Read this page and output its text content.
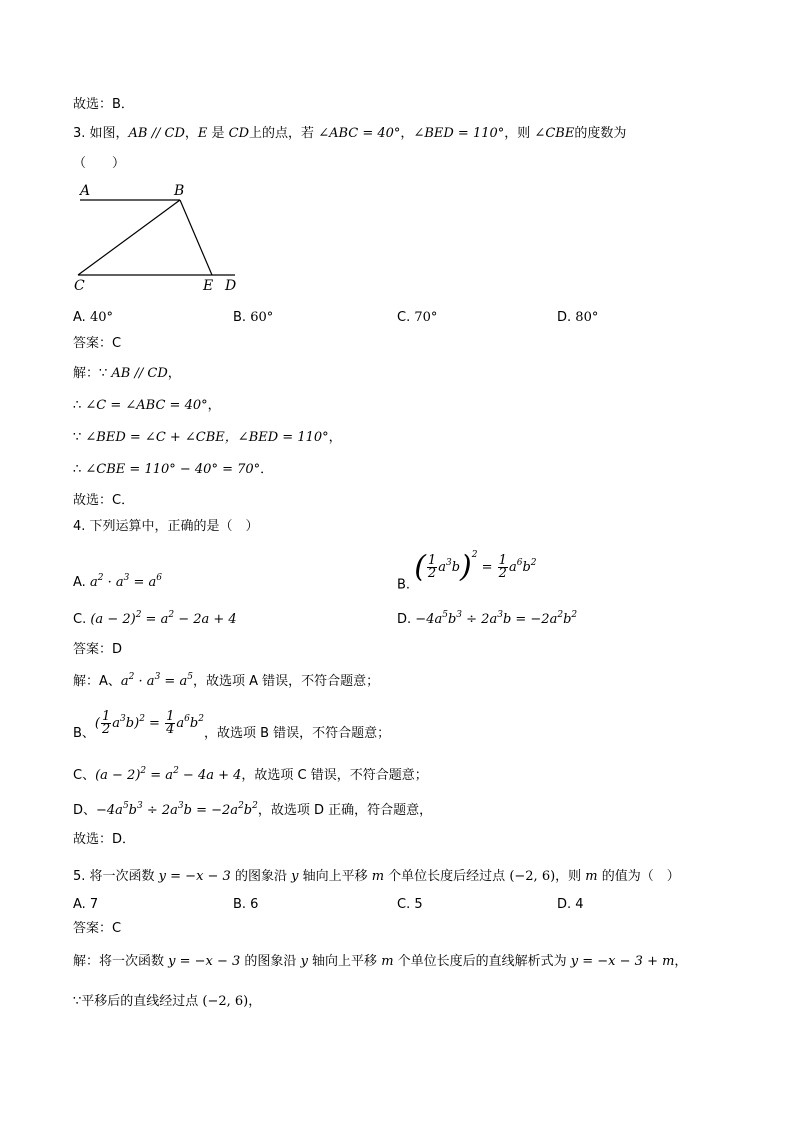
故选：B．
3. 如图，AB // CD，E 是 CD上的点，若 ∠ABC = 40°，∠BED = 110°，则 ∠CBE的度数为
（　　）
A	B
C	E D
A. 40°	B. 60°	C. 70°	D. 80°
答案：C
解：∵ AB // CD，
∴ ∠C = ∠ABC = 40°，
∵ ∠BED = ∠C + ∠CBE，∠BED = 110°，
∴ ∠CBE = 110° − 40° = 70°．
故选：C．
4. 下列运算中，正确的是（　）
A. $a^2 \cdot a^3 = a^6$	B. ( $\frac{1}{2} a^3b)^2 = \frac{1}{2} a^6b^2$
C. $(a - 2)^2 = a^2 - 2a + 4$	D. $-4a^5b^3 \div 2a^3b = -2a^2b^2$
答案：D
解：A、$a^2 \cdot a^3 = a^5$，故选项 A 错误，不符合题意；
B、( $\frac{1}{2} a^3b)^2 = \frac{1}{4} a^6b^2$，故选项 B 错误，不符合题意；
C、$(a - 2)^2 = a^2 - 4a + 4$，故选项 C 错误，不符合题意；
D、$-4a^5b^3 \div 2a^3b = -2a^2b^2$，故选项 D 正确，符合题意，
故选：D．
5. 将一次函数 y = −x − 3 的图象沿 y 轴向上平移 m 个单位长度后经过点 (−2, 6)，则 m 的值为（　）
A. 7	B. 6	C. 5	D. 4
答案：C
解：将一次函数 y = −x − 3 的图象沿 y 轴向上平移 m 个单位长度后的直线解析式为 y = −x − 3 + m，
∵平移后的直线经过点 (−2, 6)，
